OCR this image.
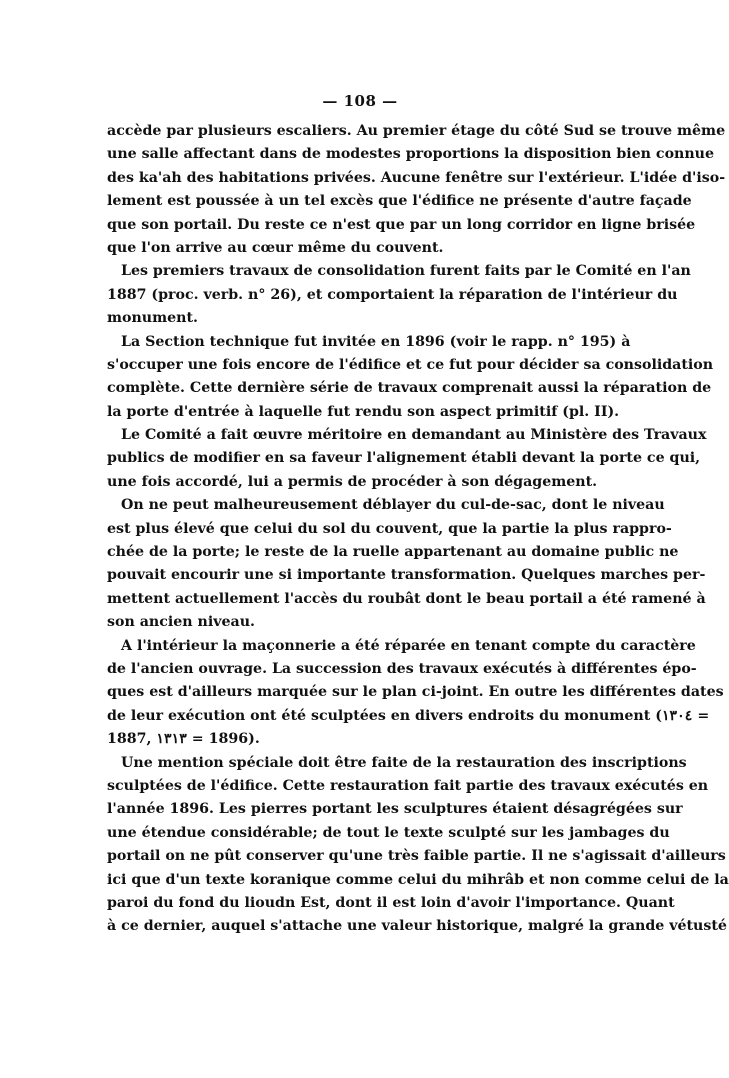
— 108 —
accède par plusieurs escaliers. Au premier étage du côté Sud se trouve même
une salle affectant dans de modestes proportions la disposition bien connue
des ka'ah des habitations privées. Aucune fenêtre sur l'extérieur. L'idée d'iso-
lement est poussée à un tel excès que l'édifice ne présente d'autre façade
que son portail. Du reste ce n'est que par un long corridor en ligne brisée
que l'on arrive au cœur même du couvent.
Les premiers travaux de consolidation furent faits par le Comité en l'an
1887 (proc. verb. n° 26), et comportaient la réparation de l'intérieur du
monument.
La Section technique fut invitée en 1896 (voir le rapp. n° 195) à
s'occuper une fois encore de l'édifice et ce fut pour décider sa consolidation
complète. Cette dernière série de travaux comprenait aussi la réparation de
la porte d'entrée à laquelle fut rendu son aspect primitif (pl. II).
Le Comité a fait œuvre méritoire en demandant au Ministère des Travaux
publics de modifier en sa faveur l'alignement établi devant la porte ce qui,
une fois accordé, lui a permis de procéder à son dégagement.
On ne peut malheureusement déblayer du cul-de-sac, dont le niveau
est plus élevé que celui du sol du couvent, que la partie la plus rappro-
chée de la porte; le reste de la ruelle appartenant au domaine public ne
pouvait encourir une si importante transformation. Quelques marches per-
mettent actuellement l'accès du roubât dont le beau portail a été ramené à
son ancien niveau.
A l'intérieur la maçonnerie a été réparée en tenant compte du caractère
de l'ancien ouvrage. La succession des travaux exécutés à différentes épo-
ques est d'ailleurs marquée sur le plan ci-joint. En outre les différentes dates
de leur exécution ont été sculptées en divers endroits du monument (١٣٠٤ =
1887, ١٣١٣ = 1896).
Une mention spéciale doit être faite de la restauration des inscriptions
sculptées de l'édifice. Cette restauration fait partie des travaux exécutés en
l'année 1896. Les pierres portant les sculptures étaient désagrégées sur
une étendue considérable; de tout le texte sculpté sur les jambages du
portail on ne pût conserver qu'une très faible partie. Il ne s'agissait d'ailleurs
ici que d'un texte koranique comme celui du mihrâb et non comme celui de la
paroi du fond du lioudn Est, dont il est loin d'avoir l'importance. Quant
à ce dernier, auquel s'attache une valeur historique, malgré la grande vétusté
